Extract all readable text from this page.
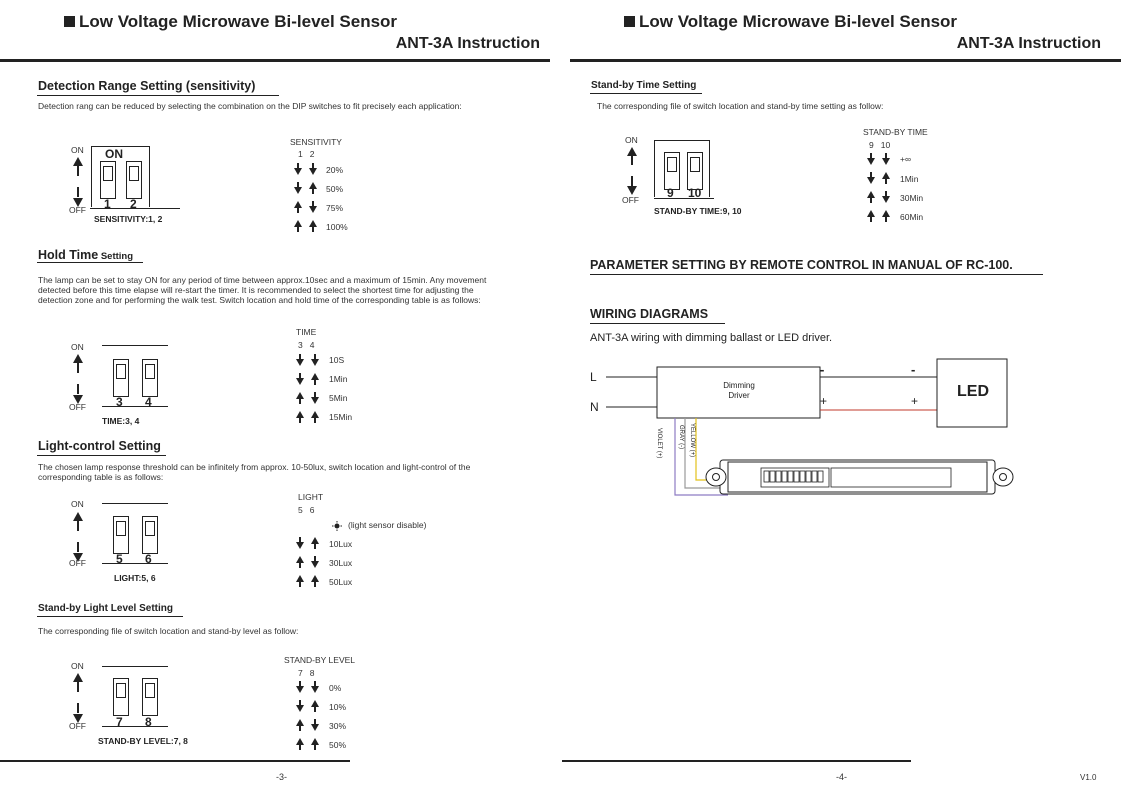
Low Voltage Microwave Bi-level Sensor
ANT-3A Instruction
Low Voltage Microwave Bi-level Sensor
ANT-3A Instruction
Detection Range Setting (sensitivity)
Detection rang can be reduced by selecting the combination on the DIP switches to fit precisely each application:
ON
OFF
ON
1 2
SENSITIVITY:1, 2
SENSITIVITY
1   2
20%
50%
75%
100%
Hold Time Setting
The lamp can be set to stay ON for any period of time between approx.10sec and a maximum of 15min. Any movement detected before this time elapse will re-start the timer. It is recommended to select the shortest time for adjusting the detection zone and for performing the walk test. Switch location and hold time of the corresponding table is as follows:
ON
OFF	3 4
TIME:3, 4
TIME
3   4
10S
1Min
5Min
15Min
Light-control Setting
The chosen lamp response threshold can be infinitely from approx. 10-50lux, switch location and light-control of the corresponding table is as follows:
ON
OFF	5 6
LIGHT:5, 6
LIGHT
5   6
(light sensor disable)
10Lux
30Lux
50Lux
Stand-by Light Level Setting
The corresponding file of switch location and stand-by level as follow:
ON
OFF	7 8
STAND-BY LEVEL:7, 8
STAND-BY LEVEL
7   8
0%
10%
30%
50%
-3-
Stand-by Time Setting
The corresponding file of switch location and stand-by time setting as follow:
ON
OFF 9 10
STAND-BY TIME:9, 10
STAND-BY TIME
9   10
+∞
1Min
30Min
60Min
PARAMETER SETTING BY REMOTE CONTROL IN MANUAL OF RC-100.
WIRING DIAGRAMS
ANT-3A wiring with dimming ballast or LED driver.
L
N
Dimming
Driver
-	-
+	+
LED
VIOLET (+)	GRAY (-) YELLOW (+)
-4-	V1.0
